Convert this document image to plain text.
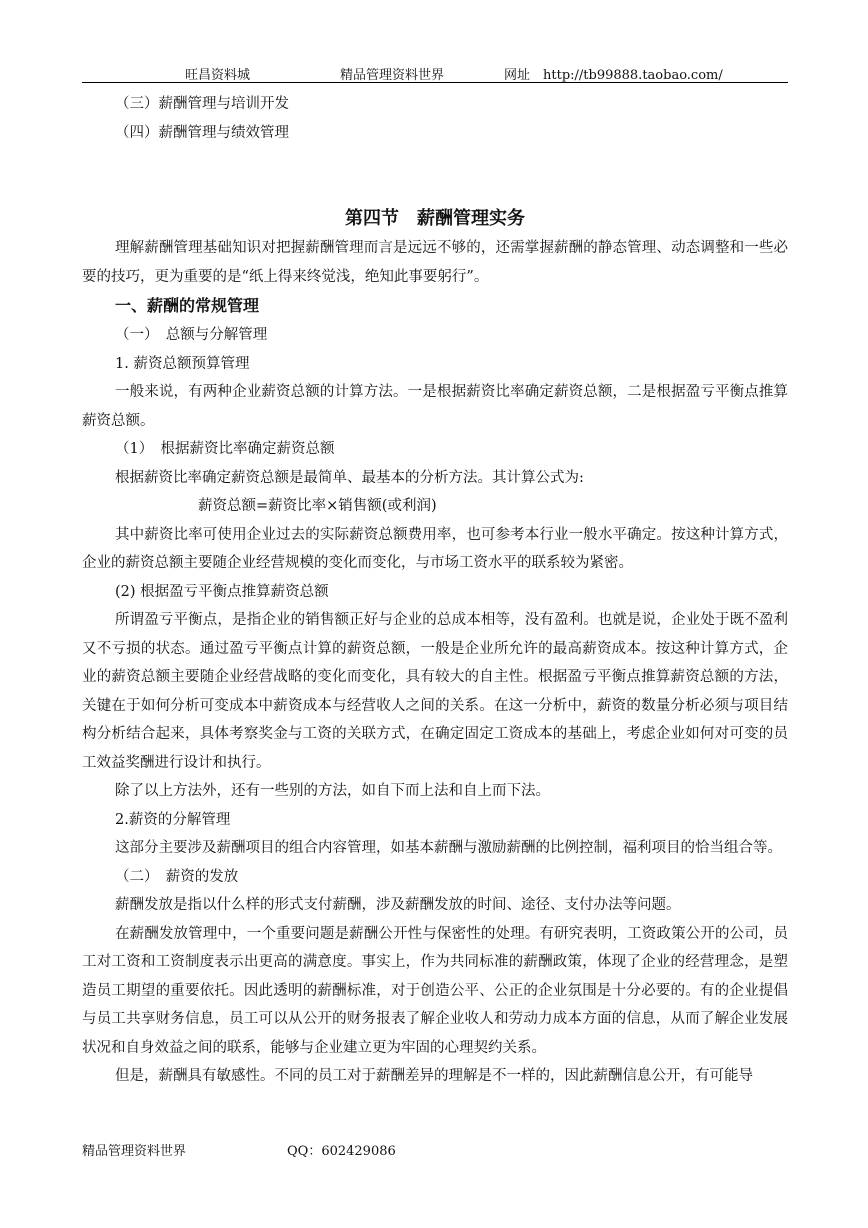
旺昌资料城	精品管理资料世界	网址　http://tb99888.taobao.com/

（三）薪酬管理与培训开发

（四）薪酬管理与绩效管理

第四节　薪酬管理实务

理解薪酬管理基础知识对把握薪酬管理而言是远远不够的，还需掌握薪酬的静态管理、动态调整和一些必要的技巧，更为重要的是“纸上得来终觉浅，绝知此事要躬行”。

一、薪酬的常规管理

（一）　总额与分解管理

1. 薪资总额预算管理

一般来说，有两种企业薪资总额的计算方法。一是根据薪资比率确定薪资总额，二是根据盈亏平衡点推算薪资总额。

（1）　根据薪资比率确定薪资总额

根据薪资比率确定薪资总额是最简单、最基本的分析方法。其计算公式为:

薪资总额=薪资比率×销售额(或利润)

其中薪资比率可使用企业过去的实际薪资总额费用率，也可参考本行业一般水平确定。按这种计算方式，企业的薪资总额主要随企业经营规模的变化而变化，与市场工资水平的联系较为紧密。

(2) 根据盈亏平衡点推算薪资总额

所谓盈亏平衡点，是指企业的销售额正好与企业的总成本相等，没有盈利。也就是说，企业处于既不盈利又不亏损的状态。通过盈亏平衡点计算的薪资总额，一般是企业所允许的最高薪资成本。按这种计算方式，企业的薪资总额主要随企业经营战略的变化而变化，具有较大的自主性。根据盈亏平衡点推算薪资总额的方法，关键在于如何分析可变成本中薪资成本与经营收人之间的关系。在这一分析中，薪资的数量分析必须与项目结构分析结合起来，具体考察奖金与工资的关联方式，在确定固定工资成本的基础上，考虑企业如何对可变的员工效益奖酬进行设计和执行。

除了以上方法外，还有一些别的方法，如自下而上法和自上而下法。

2.薪资的分解管理

这部分主要涉及薪酬项目的组合内容管理，如基本薪酬与激励薪酬的比例控制，福利项目的恰当组合等。

（二）　薪资的发放

薪酬发放是指以什么样的形式支付薪酬，涉及薪酬发放的时间、途径、支付办法等问题。

在薪酬发放管理中，一个重要问题是薪酬公开性与保密性的处理。有研究表明，工资政策公开的公司，员工对工资和工资制度表示出更高的满意度。事实上，作为共同标准的薪酬政策，体现了企业的经营理念，是塑造员工期望的重要依托。因此透明的薪酬标准，对于创造公平、公正的企业氛围是十分必要的。有的企业提倡与员工共享财务信息，员工可以从公开的财务报表了解企业收人和劳动力成本方面的信息，从而了解企业发展状况和自身效益之间的联系，能够与企业建立更为牢固的心理契约关系。

但是，薪酬具有敏感性。不同的员工对于薪酬差异的理解是不一样的，因此薪酬信息公开，有可能导

精品管理资料世界	QQ：602429086
